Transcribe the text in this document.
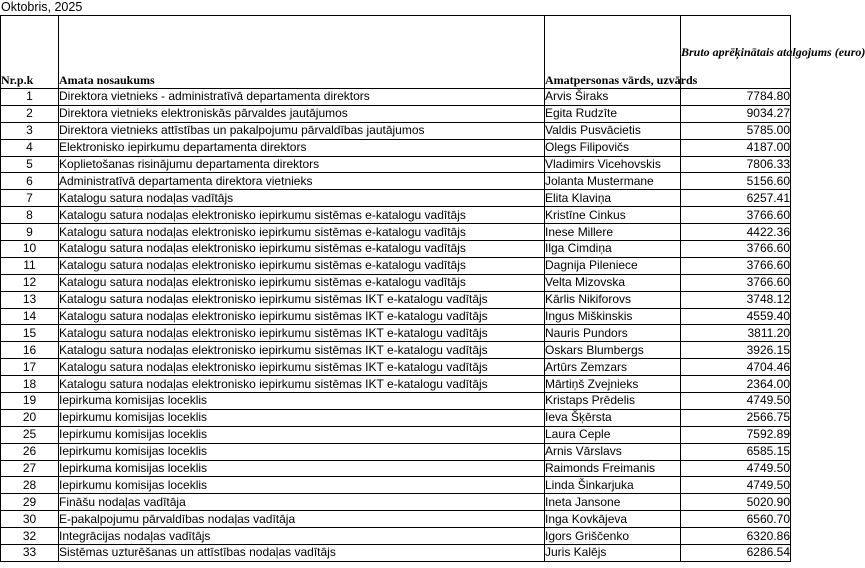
Oktobris, 2025
Nr.p.k	Amata nosaukums	Amatpersonas vārds, uzvārds	Bruto aprēķinātais atalgojums (euro)
1	Direktora vietnieks - administratīvā departamenta direktors	Arvis Širaks	7784.80
2	Direktora vietnieks elektroniskās pārvaldes jautājumos	Egita Rudzīte	9034.27
3	Direktora vietnieks attīstības un pakalpojumu pārvaldības jautājumos	Valdis Pusvācietis	5785.00
4	Elektronisko iepirkumu departamenta direktors	Olegs Filipovičs	4187.00
5	Koplietošanas risinājumu departamenta direktors	Vladimirs Vicehovskis	7806.33
6	Administratīvā departamenta direktora vietnieks	Jolanta Mustermane	5156.60
7	Katalogu satura nodaļas vadītājs	Elita Klaviņa	6257.41
8	Katalogu satura nodaļas elektronisko iepirkumu sistēmas e-katalogu vadītājs	Kristīne Cinkus	3766.60
9	Katalogu satura nodaļas elektronisko iepirkumu sistēmas e-katalogu vadītājs	Inese Millere	4422.36
10	Katalogu satura nodaļas elektronisko iepirkumu sistēmas e-katalogu vadītājs	Ilga Cimdiņa	3766.60
11	Katalogu satura nodaļas elektronisko iepirkumu sistēmas e-katalogu vadītājs	Dagnija Pileniece	3766.60
12	Katalogu satura nodaļas elektronisko iepirkumu sistēmas e-katalogu vadītājs	Velta Mizovska	3766.60
13	Katalogu satura nodaļas elektronisko iepirkumu sistēmas IKT e-katalogu vadītājs	Kārlis Nikiforovs	3748.12
14	Katalogu satura nodaļas elektronisko iepirkumu sistēmas IKT e-katalogu vadītājs	Ingus Miškinskis	4559.40
15	Katalogu satura nodaļas elektronisko iepirkumu sistēmas IKT e-katalogu vadītājs	Nauris Pundors	3811.20
16	Katalogu satura nodaļas elektronisko iepirkumu sistēmas IKT e-katalogu vadītājs	Oskars Blumbergs	3926.15
17	Katalogu satura nodaļas elektronisko iepirkumu sistēmas IKT e-katalogu vadītājs	Artūrs Zemzars	4704.46
18	Katalogu satura nodaļas elektronisko iepirkumu sistēmas IKT e-katalogu vadītājs	Mārtiņš Zvejnieks	2364.00
19	Iepirkuma komisijas loceklis	Kristaps Prēdelis	4749.50
20	Iepirkumu komisijas loceklis	Ieva Šķērsta	2566.75
25	Iepirkumu komisijas loceklis	Laura Ceple	7592.89
26	Iepirkumu komisijas loceklis	Arnis Vārslavs	6585.15
27	Iepirkuma komisijas loceklis	Raimonds Freimanis	4749.50
28	Iepirkumu komisijas loceklis	Linda Šinkarjuka	4749.50
29	Fināšu nodaļas vadītāja	Ineta Jansone	5020.90
30	E-pakalpojumu pārvaldības nodaļas vadītāja	Inga Kovkājeva	6560.70
32	Integrācijas nodaļas vadītājs	Igors Griščenko	6320.86
33	Sistēmas uzturēšanas un attīstības nodaļas vadītājs	Juris Kalējs	6286.54
